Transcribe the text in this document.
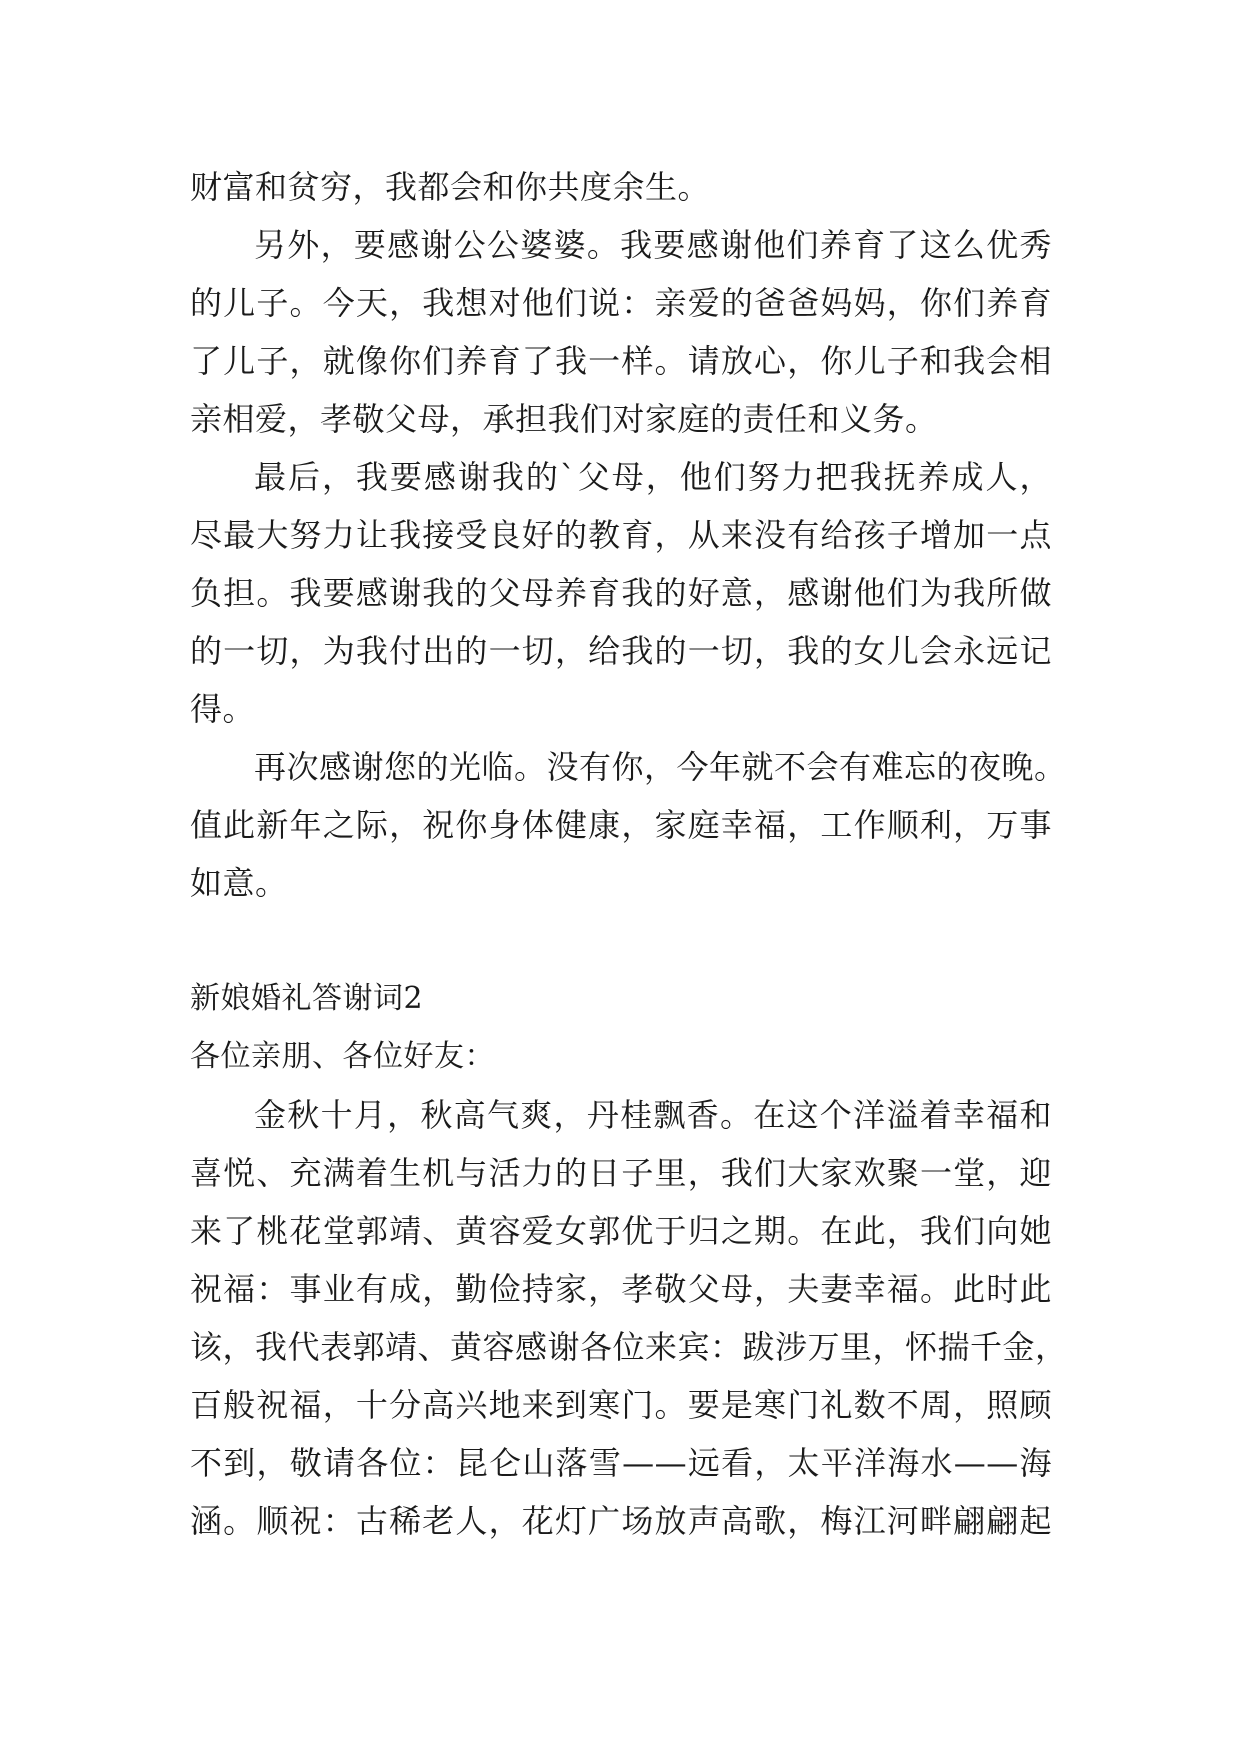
财富和贫穷，我都会和你共度余生。
另外，要感谢公公婆婆。我要感谢他们养育了这么优秀
的儿子。今天，我想对他们说：亲爱的爸爸妈妈，你们养育
了儿子，就像你们养育了我一样。请放心，你儿子和我会相
亲相爱，孝敬父母，承担我们对家庭的责任和义务。
最后，我要感谢我的`父母，他们努力把我抚养成人，
尽最大努力让我接受良好的教育，从来没有给孩子增加一点
负担。我要感谢我的父母养育我的好意，感谢他们为我所做
的一切，为我付出的一切，给我的一切，我的女儿会永远记
得。
再次感谢您的光临。没有你，今年就不会有难忘的夜晚。
值此新年之际，祝你身体健康，家庭幸福，工作顺利，万事
如意。
新娘婚礼答谢词2
各位亲朋、各位好友：
金秋十月，秋高气爽，丹桂飘香。在这个洋溢着幸福和
喜悦、充满着生机与活力的日子里，我们大家欢聚一堂，迎
来了桃花堂郭靖、黄容爱女郭优于归之期。在此，我们向她
祝福：事业有成，勤俭持家，孝敬父母，夫妻幸福。此时此
该，我代表郭靖、黄容感谢各位来宾：跋涉万里，怀揣千金，
百般祝福，十分高兴地来到寒门。要是寒门礼数不周，照顾
不到，敬请各位：昆仑山落雪——远看，太平洋海水——海
涵。顺祝：古稀老人，花灯广场放声高歌，梅江河畔翩翩起
